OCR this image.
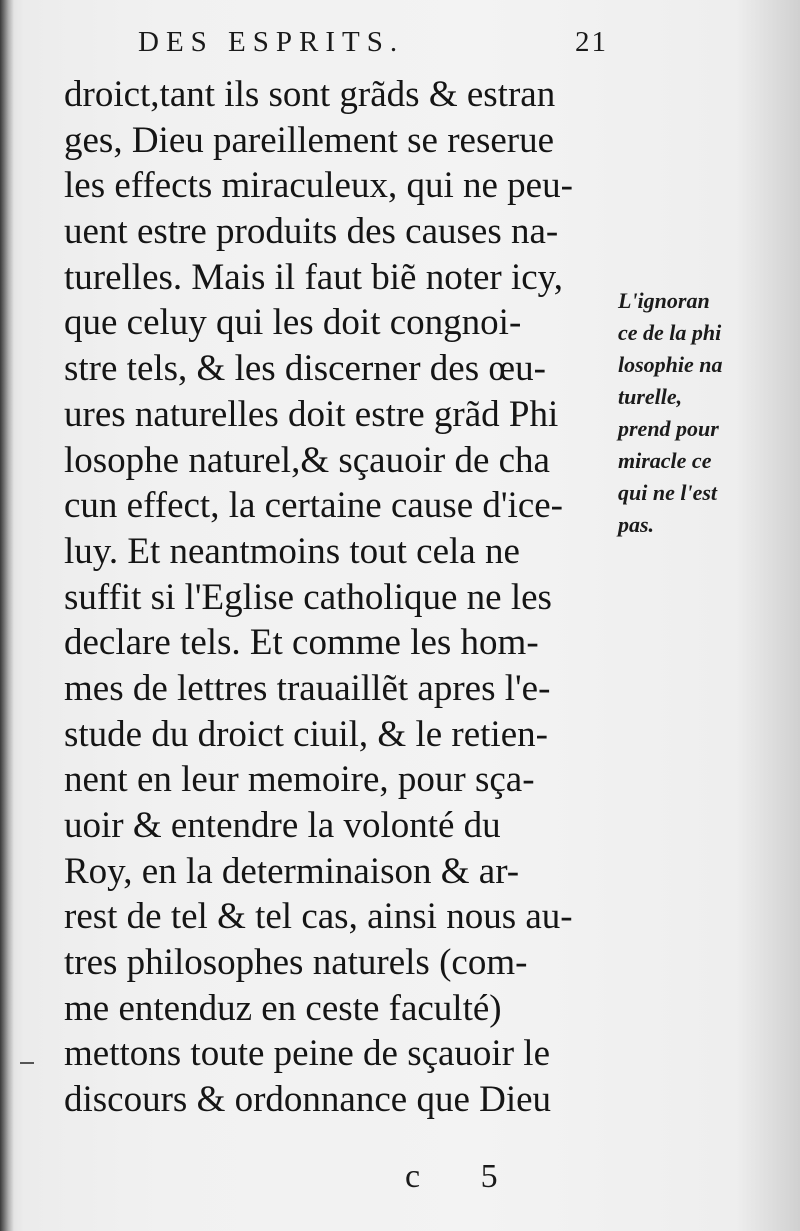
DES ESPRITS.	21
droict,tant ils sont grãds & estran
ges, Dieu pareillement se reserue
les effects miraculeux, qui ne peu-
uent estre produits des causes na-
turelles. Mais il faut biẽ noter icy,
que celuy qui les doit congnoi-
stre tels, & les discerner des œu-
ures naturelles doit estre grãd Phi
losophe naturel,& sçauoir de cha
cun effect, la certaine cause d'ice-
luy. Et neantmoins tout cela ne
suffit si l'Eglise catholique ne les
declare tels. Et comme les hom-
mes de lettres trauaillẽt apres l'e-
stude du droict ciuil, & le retien-
nent en leur memoire, pour sça-
uoir & entendre la volonté du
Roy, en la determinaison & ar-
rest de tel & tel cas, ainsi nous au-
tres philosophes naturels (com-
me entenduz en ceste faculté)
mettons toute peine de sçauoir le
discours & ordonnance que Dieu
L'ignoran
ce de la phi
losophie na
turelle,
prend pour
miracle ce
qui ne l'est
pas.
c 5
